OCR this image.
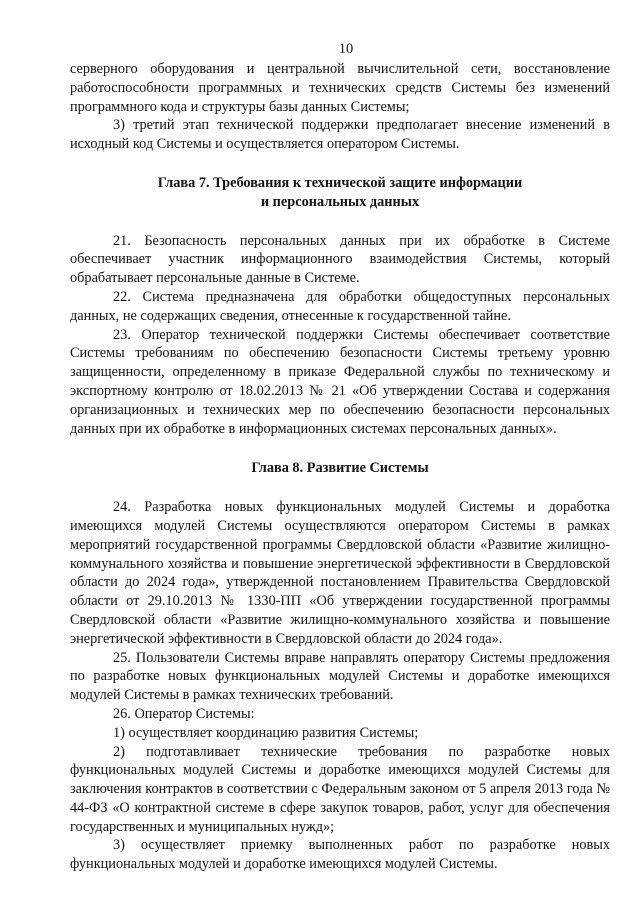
10

серверного оборудования и центральной вычислительной сети, восстановление работоспособности программных и технических средств Системы без изменений программного кода и структуры базы данных Системы;

3) третий этап технической поддержки предполагает внесение изменений в исходный код Системы и осуществляется оператором Системы.

Глава 7. Требования к технической защите информации
и персональных данных

21. Безопасность персональных данных при их обработке в Системе обеспечивает участник информационного взаимодействия Системы, который обрабатывает персональные данные в Системе.

22. Система предназначена для обработки общедоступных персональных данных, не содержащих сведения, отнесенные к государственной тайне.

23. Оператор технической поддержки Системы обеспечивает соответствие Системы требованиям по обеспечению безопасности Системы третьему уровню защищенности, определенному в приказе Федеральной службы по техническому и экспортному контролю от 18.02.2013 № 21 «Об утверждении Состава и содержания организационных и технических мер по обеспечению безопасности персональных данных при их обработке в информационных системах персональных данных».

Глава 8. Развитие Системы

24. Разработка новых функциональных модулей Системы и доработка имеющихся модулей Системы осуществляются оператором Системы в рамках мероприятий государственной программы Свердловской области «Развитие жилищно-коммунального хозяйства и повышение энергетической эффективности в Свердловской области до 2024 года», утвержденной постановлением Правительства Свердловской области от 29.10.2013 № 1330-ПП «Об утверждении государственной программы Свердловской области «Развитие жилищно-коммунального хозяйства и повышение энергетической эффективности в Свердловской области до 2024 года».

25. Пользователи Системы вправе направлять оператору Системы предложения по разработке новых функциональных модулей Системы и доработке имеющихся модулей Системы в рамках технических требований.

26. Оператор Системы:

1) осуществляет координацию развития Системы;

2) подготавливает технические требования по разработке новых функциональных модулей Системы и доработке имеющихся модулей Системы для заключения контрактов в соответствии с Федеральным законом от 5 апреля 2013 года № 44-ФЗ «О контрактной системе в сфере закупок товаров, работ, услуг для обеспечения государственных и муниципальных нужд»;

3) осуществляет приемку выполненных работ по разработке новых функциональных модулей и доработке имеющихся модулей Системы.
